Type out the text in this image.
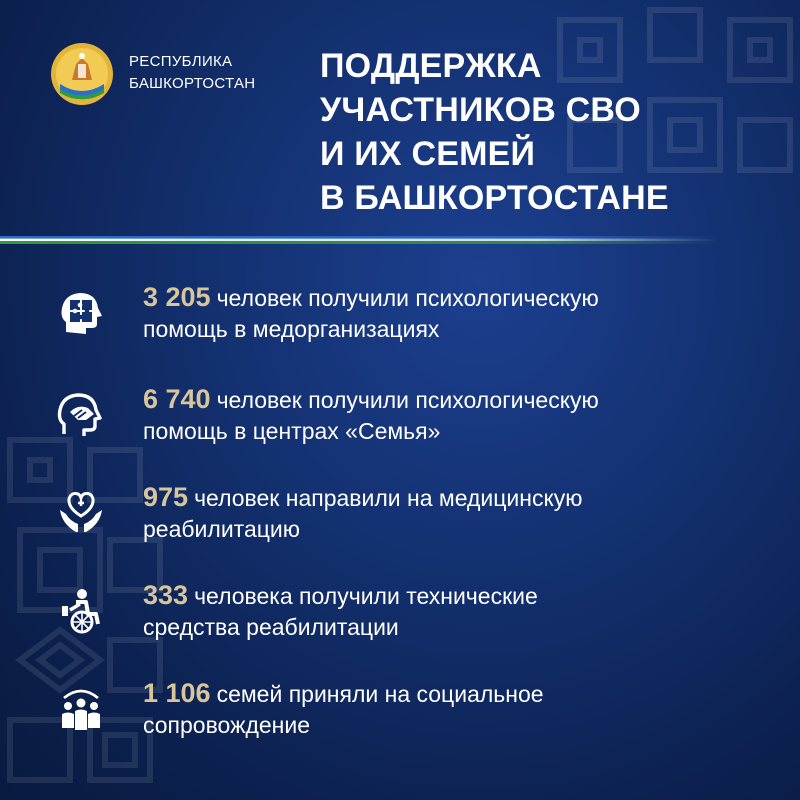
РЕСПУБЛИКА
БАШКОРТОСТАН ПОДДЕРЖКА
УЧАСТНИКОВ СВО
И ИХ СЕМЕЙ
В БАШКОРТОСТАНЕ
3 205 человек получили психологическую
помощь в медорганизациях
6 740 человек получили психологическую
помощь в центрах «Семья»
975 человек направили на медицинскую
реабилитацию
333 человека получили технические
средства реабилитации
1 106 семей приняли на социальное
сопровождение
